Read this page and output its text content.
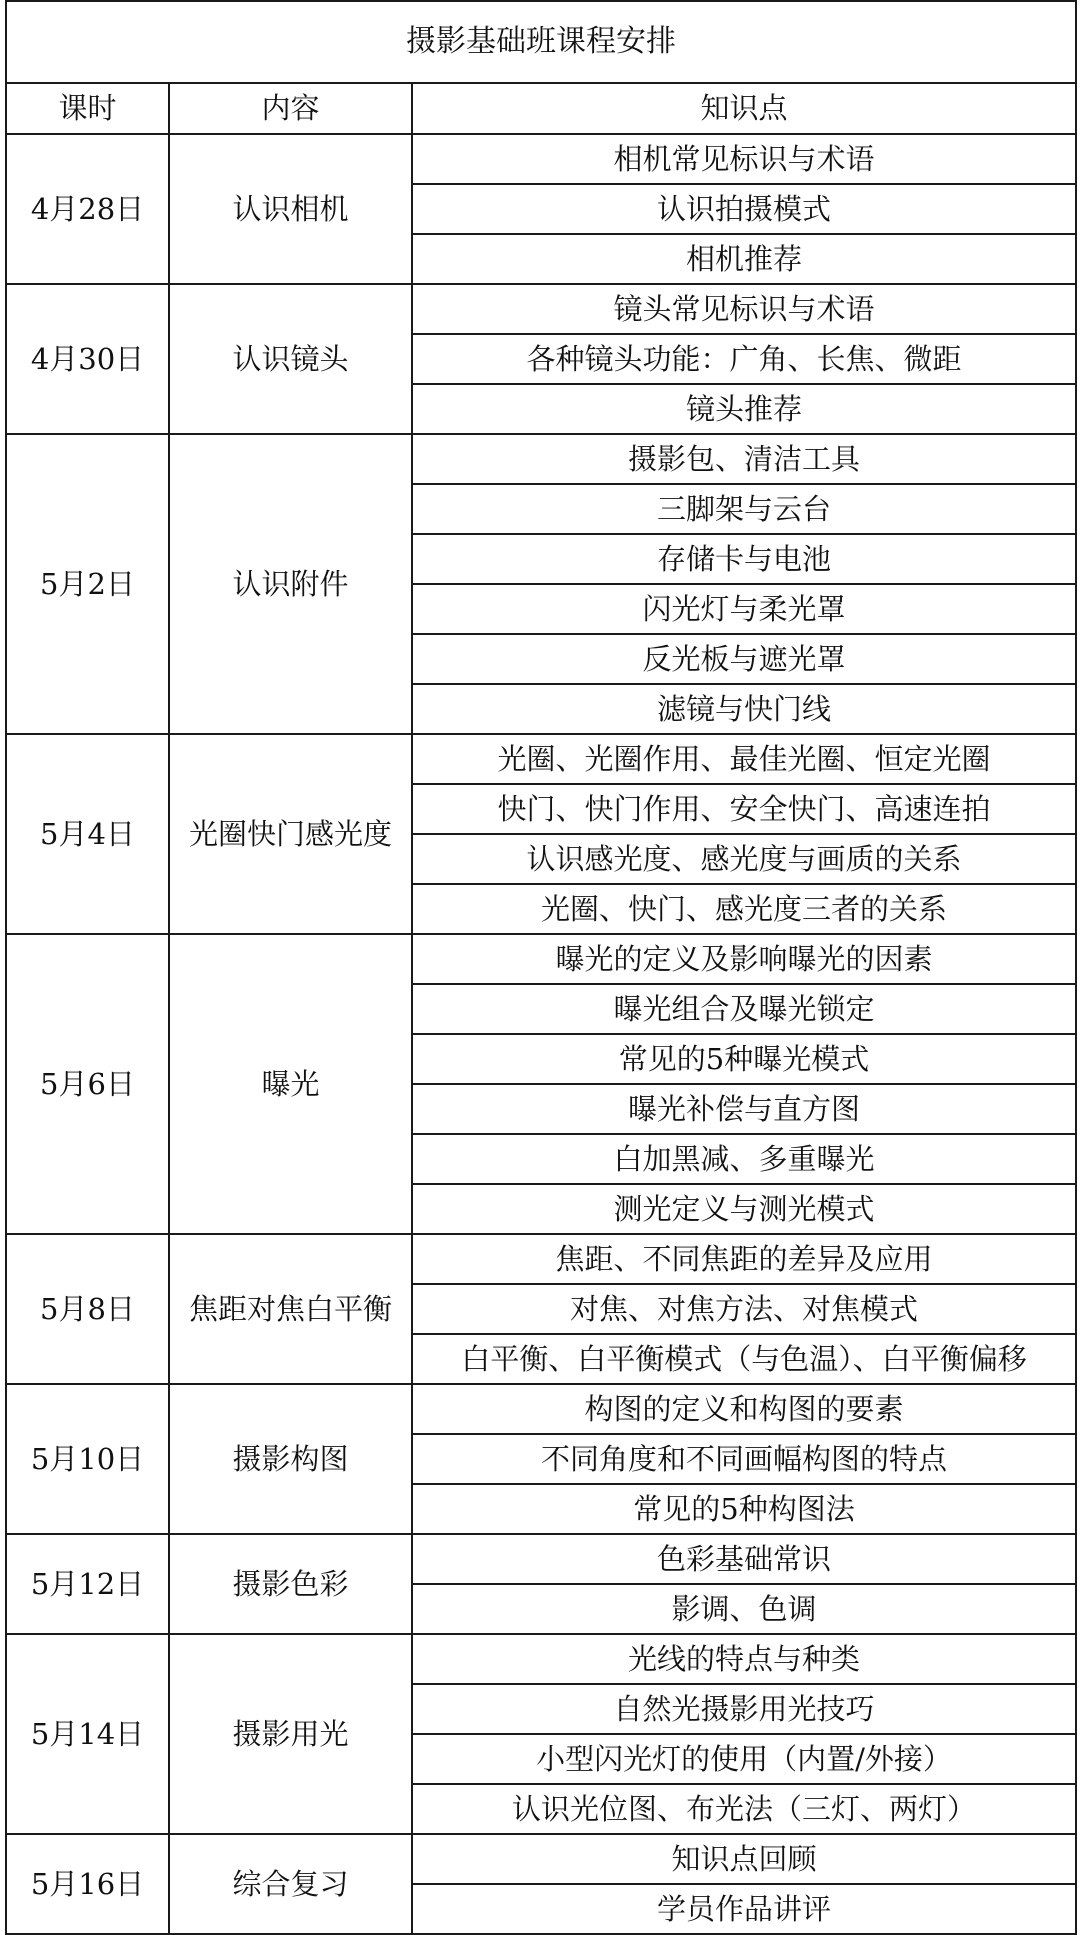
摄影基础班课程安排		
课时	内容	知识点
4月28日	认识相机	相机常见标识与术语
		认识拍摄模式
		相机推荐
4月30日	认识镜头	镜头常见标识与术语
		各种镜头功能：广角、长焦、微距
		镜头推荐
5月2日	认识附件	摄影包、清洁工具
		三脚架与云台
		存储卡与电池
		闪光灯与柔光罩
		反光板与遮光罩
		滤镜与快门线
5月4日	光圈快门感光度	光圈、光圈作用、最佳光圈、恒定光圈
		快门、快门作用、安全快门、高速连拍
		认识感光度、感光度与画质的关系
		光圈、快门、感光度三者的关系
5月6日	曝光	曝光的定义及影响曝光的因素
		曝光组合及曝光锁定
		常见的5种曝光模式
		曝光补偿与直方图
		白加黑减、多重曝光
		测光定义与测光模式
5月8日	焦距对焦白平衡	焦距、不同焦距的差异及应用
		对焦、对焦方法、对焦模式
		白平衡、白平衡模式（与色温）、白平衡偏移
5月10日	摄影构图	构图的定义和构图的要素
		不同角度和不同画幅构图的特点
		常见的5种构图法
5月12日	摄影色彩	色彩基础常识
		影调、色调
5月14日	摄影用光	光线的特点与种类
		自然光摄影用光技巧
		小型闪光灯的使用（内置/外接）
		认识光位图、布光法（三灯、两灯）
5月16日	综合复习	知识点回顾
		学员作品讲评
